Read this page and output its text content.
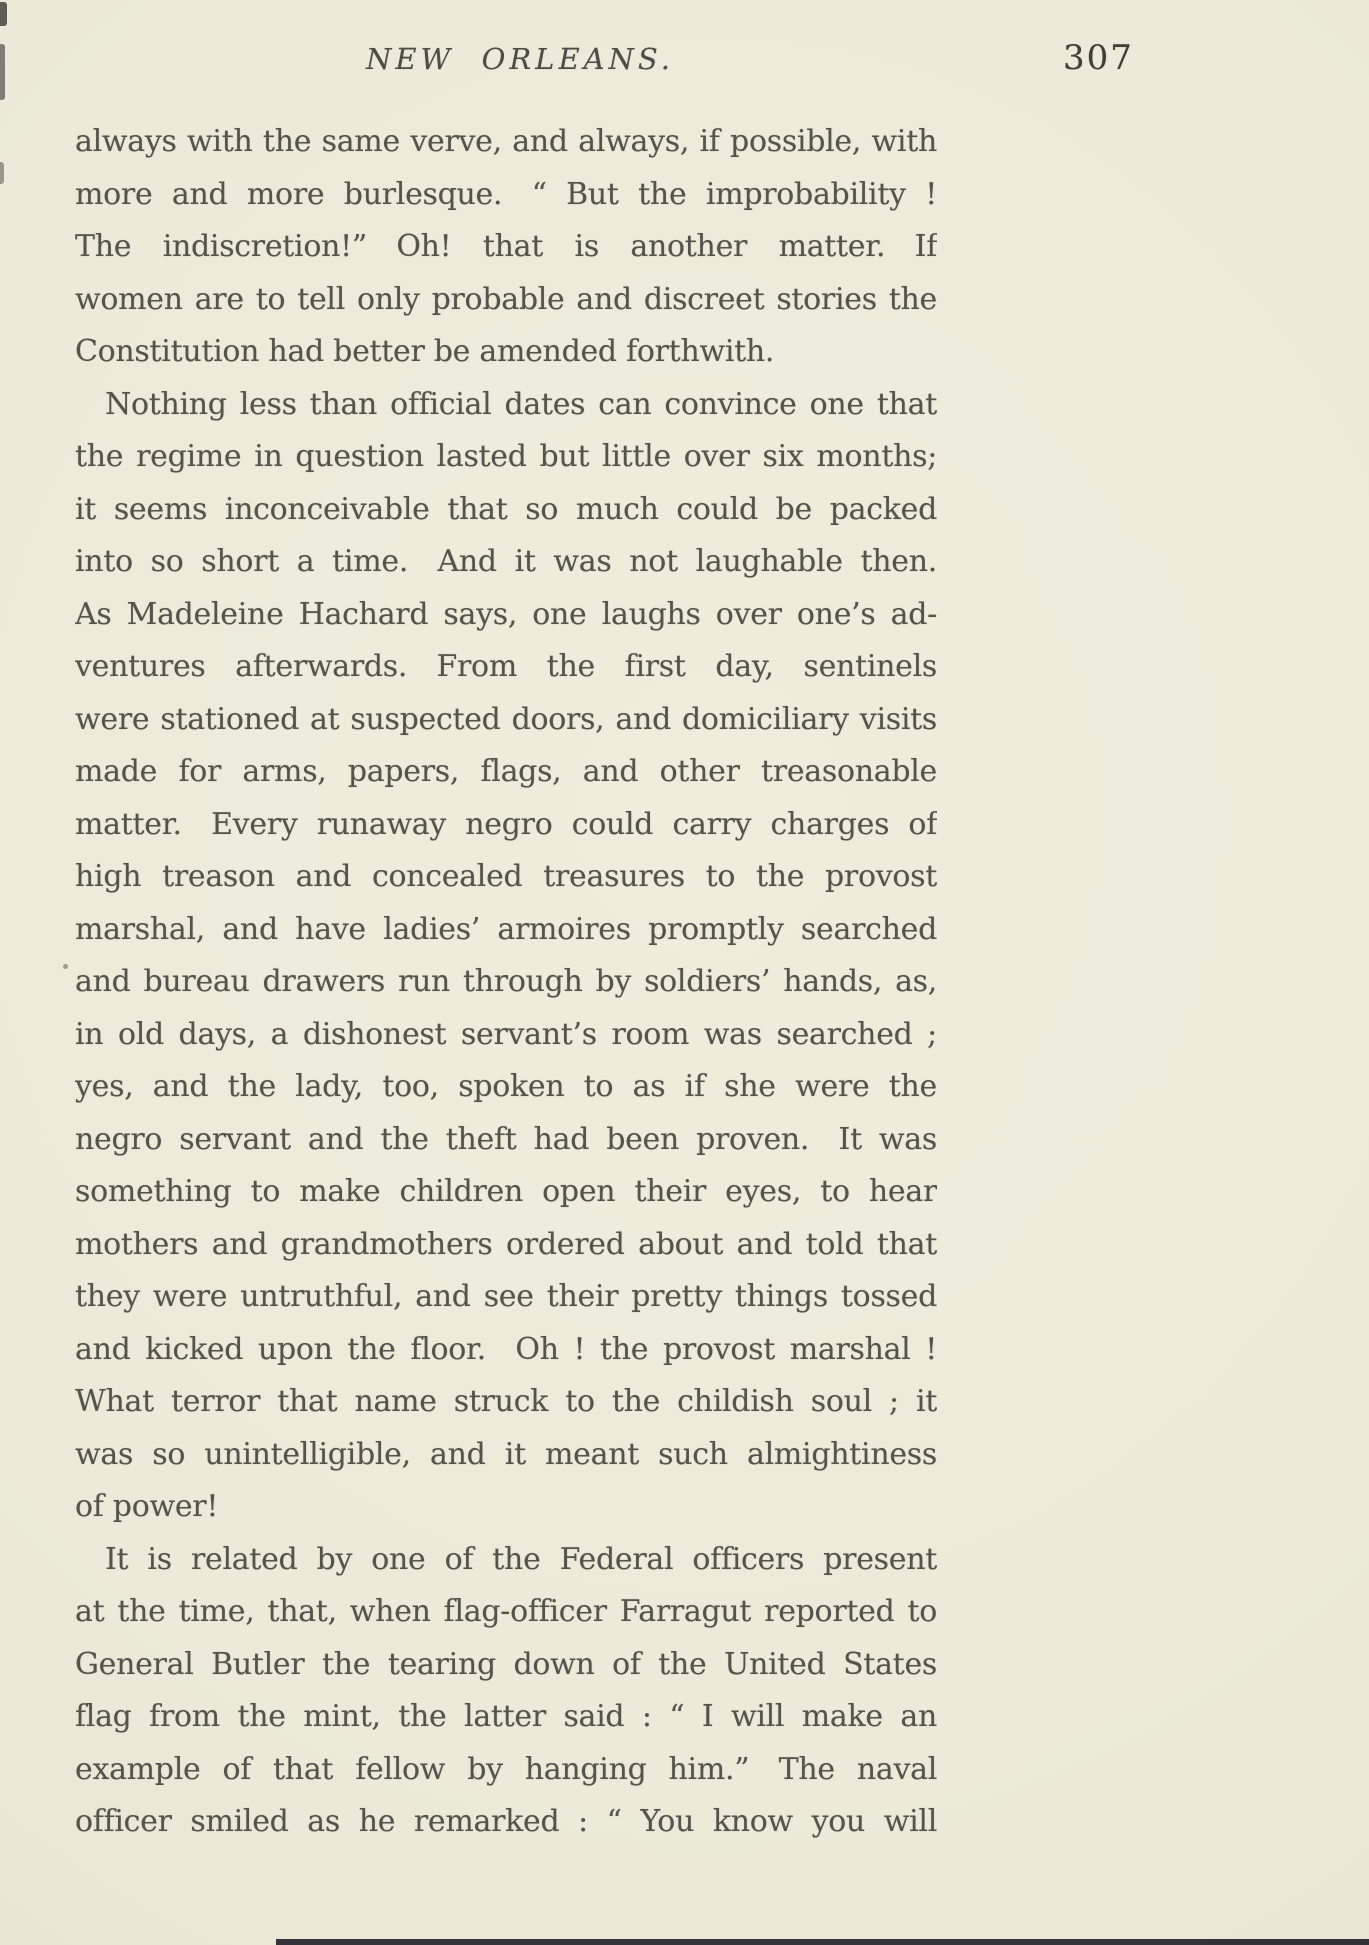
NEW ORLEANS.	307
always with the same verve, and always, if possible, with
more and more burlesque.  “ But the improbability !
The indiscretion!”  Oh! that is another matter.  If
women are to tell only probable and discreet stories the
Constitution had better be amended forthwith.
Nothing less than official dates can convince one that
the regime in question lasted but little over six months;
it seems inconceivable that so much could be packed
into so short a time.  And it was not laughable then.
As Madeleine Hachard says, one laughs over one’s ad-
ventures afterwards.  From the first day, sentinels
were stationed at suspected doors, and domiciliary visits
made for arms, papers, flags, and other treasonable
matter.  Every runaway negro could carry charges of
high treason and concealed treasures to the provost
marshal, and have ladies’ armoires promptly searched
and bureau drawers run through by soldiers’ hands, as,
in old days, a dishonest servant’s room was searched ;
yes, and the lady, too, spoken to as if she were the
negro servant and the theft had been proven.  It was
something to make children open their eyes, to hear
mothers and grandmothers ordered about and told that
they were untruthful, and see their pretty things tossed
and kicked upon the floor.  Oh ! the provost marshal !
What terror that name struck to the childish soul ; it
was so unintelligible, and it meant such almightiness
of power!
It is related by one of the Federal officers present
at the time, that, when flag-officer Farragut reported to
General Butler the tearing down of the United States
flag from the mint, the latter said : “ I will make an
example of that fellow by hanging him.”  The naval
officer smiled as he remarked : “ You know you will
